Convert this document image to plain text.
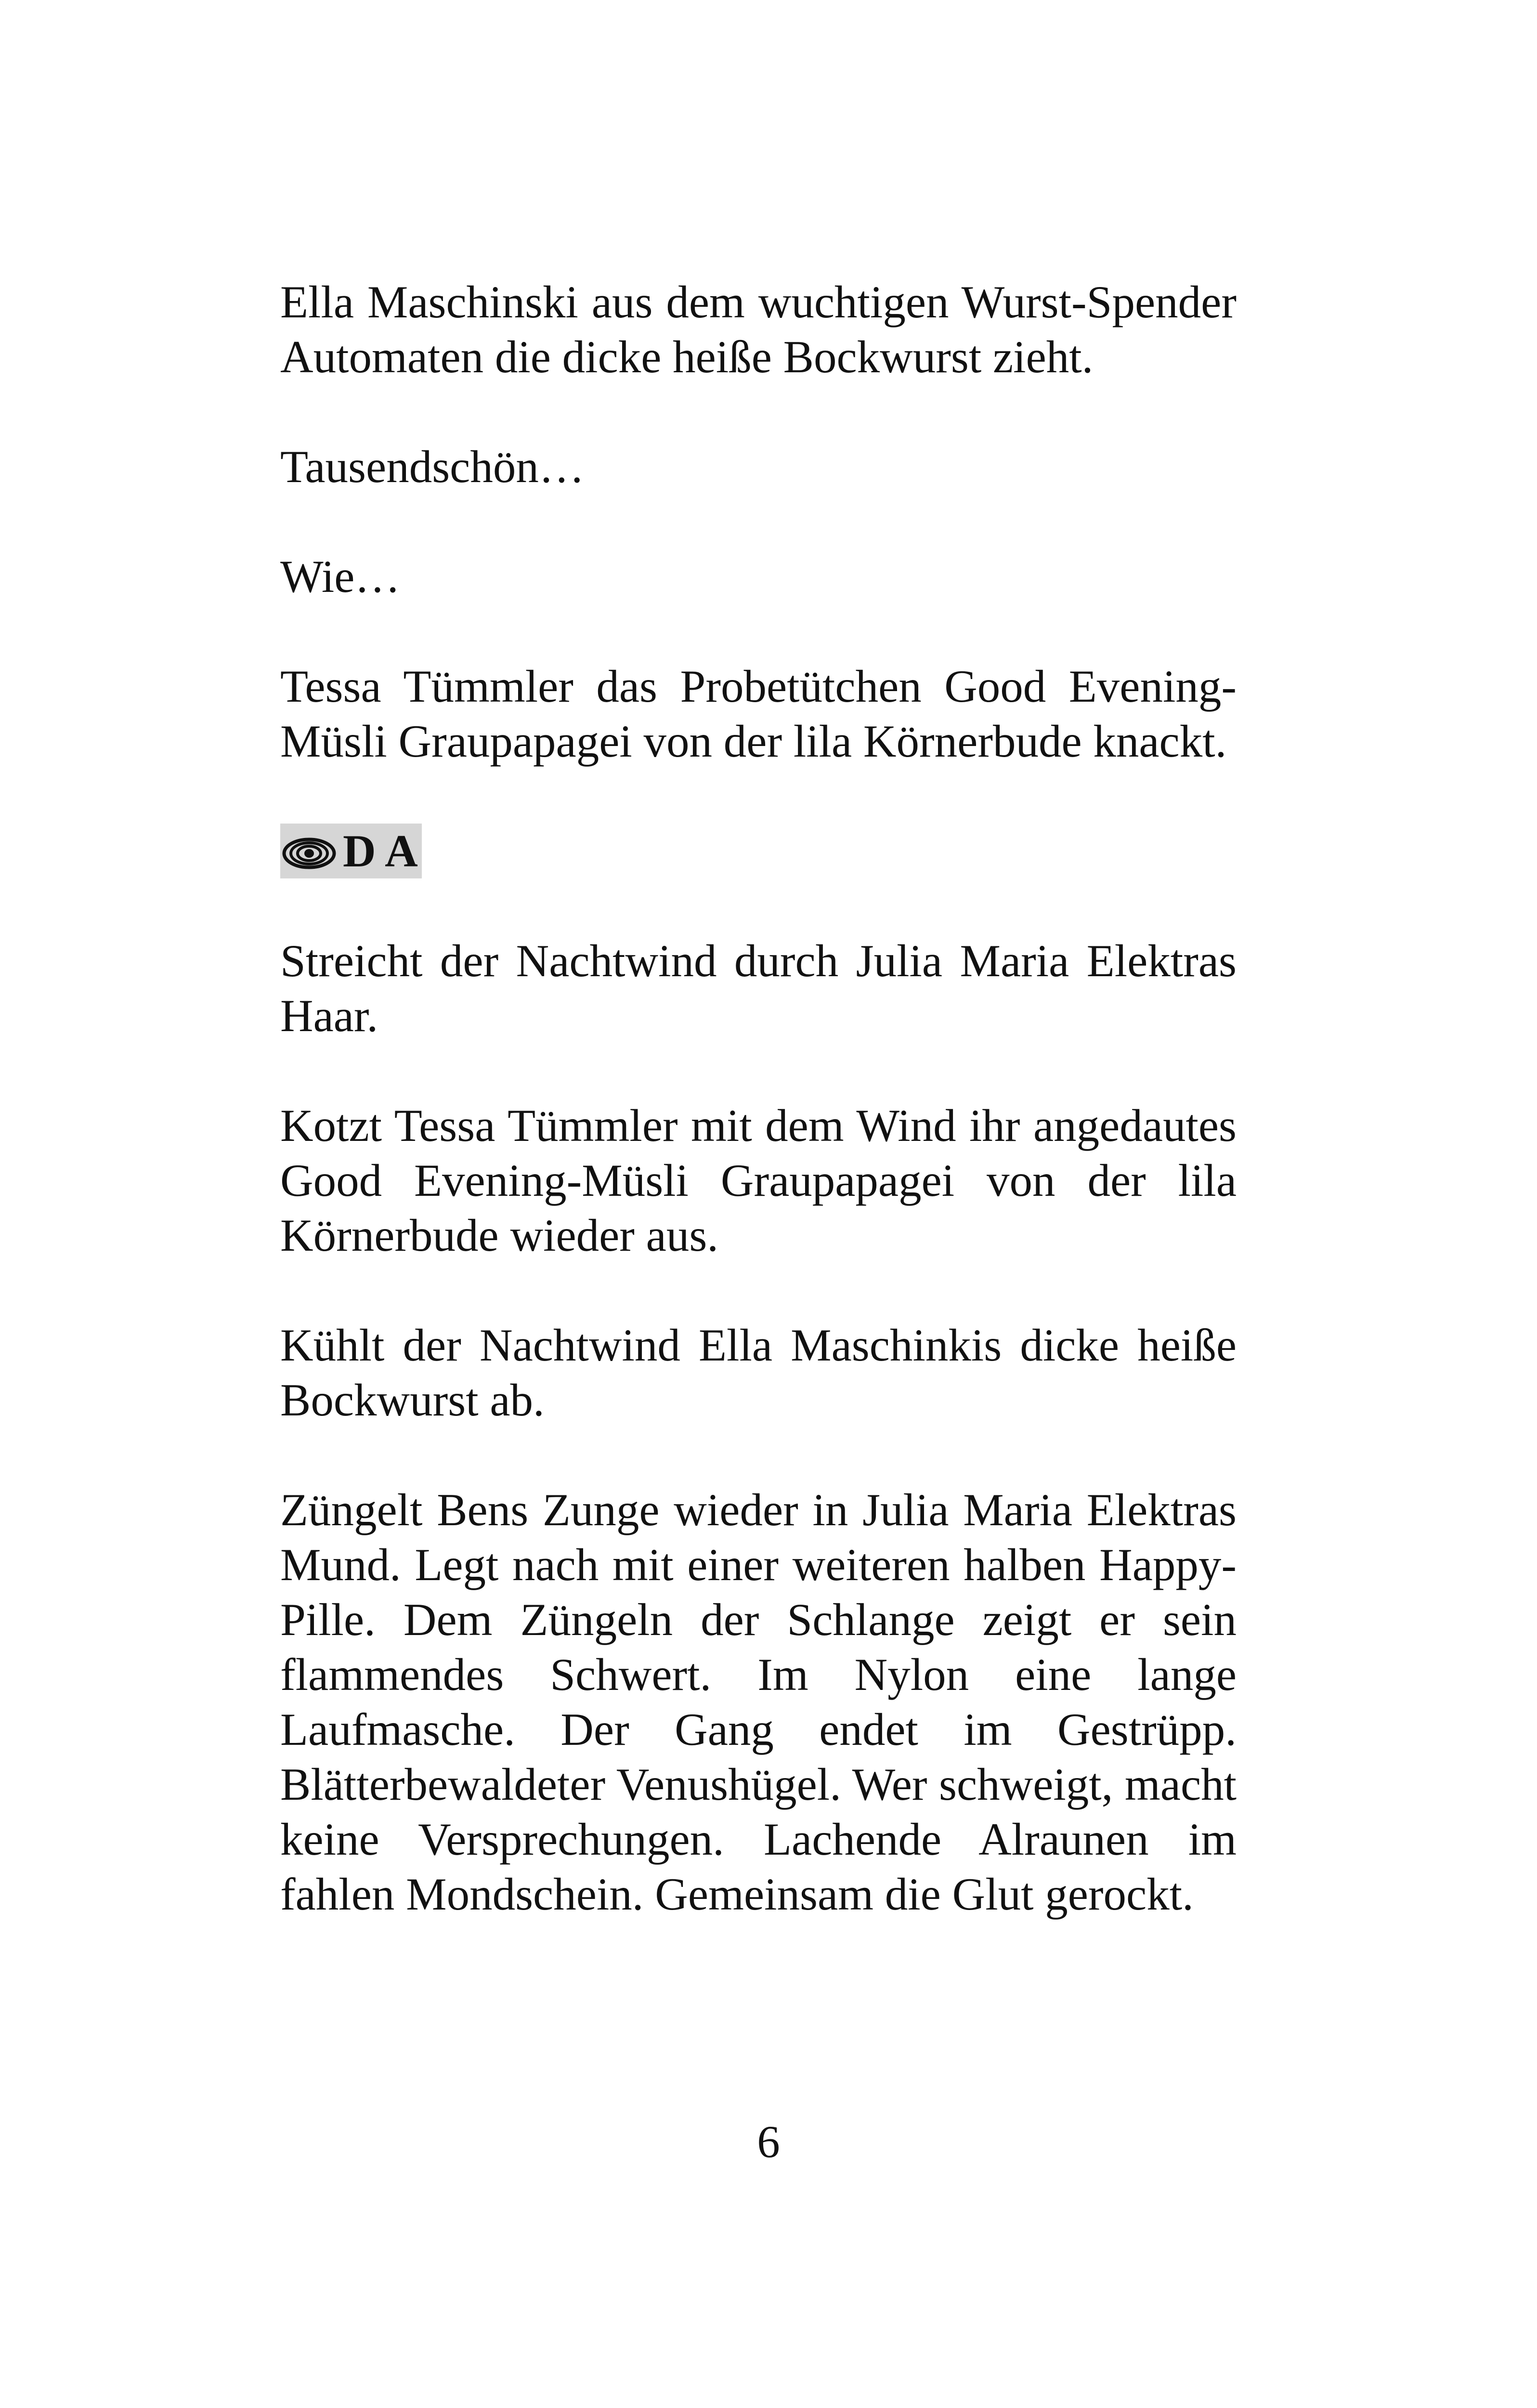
Ella Maschinski aus dem wuchtigen Wurst-Spender Automaten die dicke heiße Bockwurst zieht.

Tausendschön…

Wie…

Tessa Tümmler das Probetütchen Good Evening-Müsli Graupapagei von der lila Körnerbude knackt.

D A

Streicht der Nachtwind durch Julia Maria Elektras Haar.

Kotzt Tessa Tümmler mit dem Wind ihr angedautes Good Evening-Müsli Graupapagei von der lila Körnerbude wieder aus.

Kühlt der Nachtwind Ella Maschinkis dicke heiße Bockwurst ab.

Züngelt Bens Zunge wieder in Julia Maria Elektras Mund. Legt nach mit einer weiteren halben Happy-Pille. Dem Züngeln der Schlange zeigt er sein flammendes Schwert. Im Nylon eine lange Laufmasche. Der Gang endet im Gestrüpp. Blätterbewaldeter Venushügel. Wer schweigt, macht keine Versprechungen. Lachende Alraunen im fahlen Mondschein. Gemeinsam die Glut gerockt.

6
